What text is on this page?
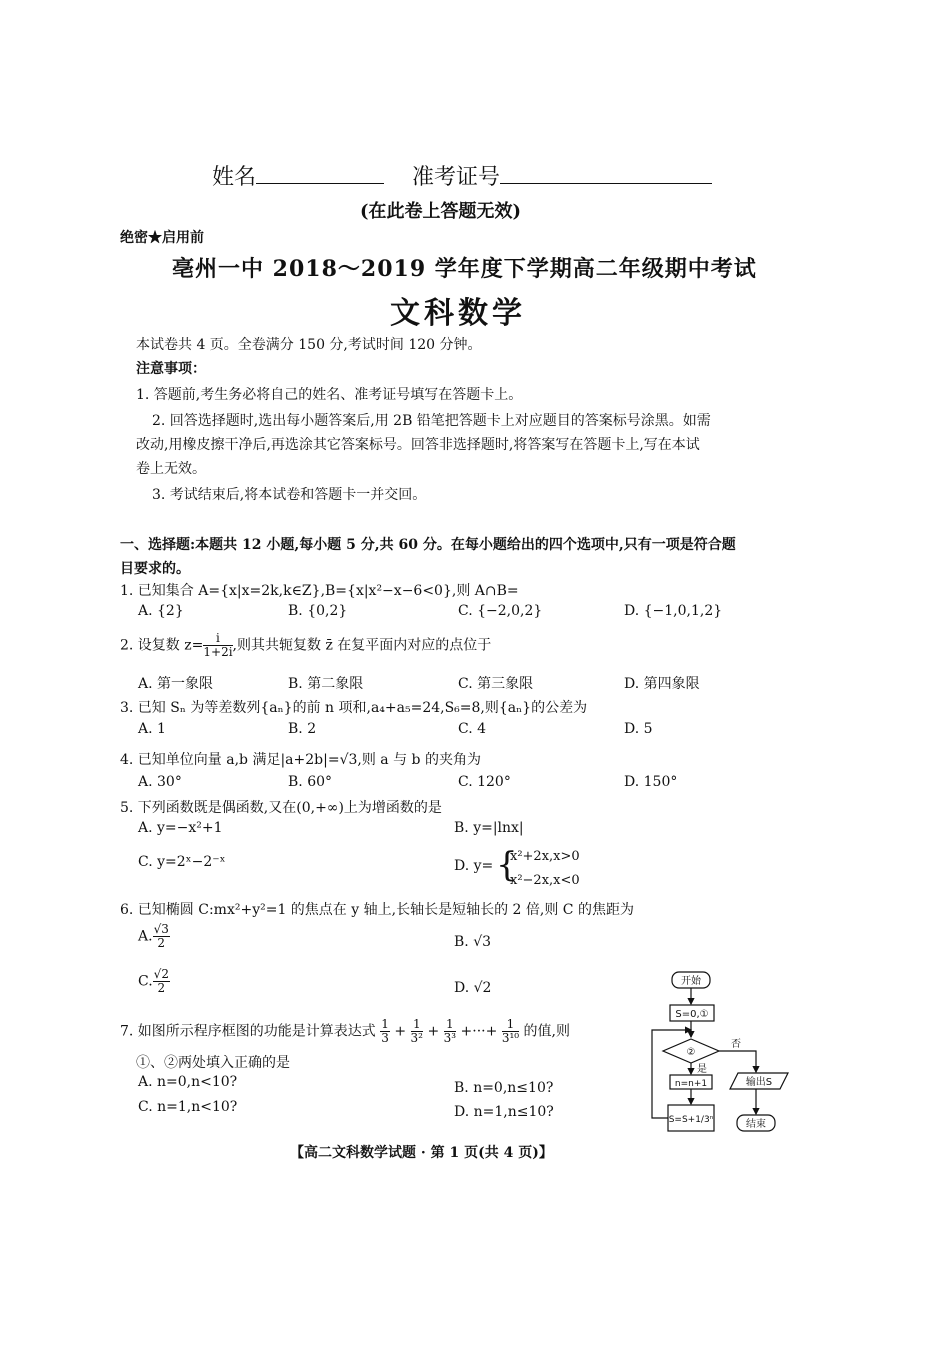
姓名	准考证号
(在此卷上答题无效)
绝密★启用前
亳州一中 2018～2019 学年度下学期高二年级期中考试
文科数学
本试卷共 4 页。全卷满分 150 分,考试时间 120 分钟。
注意事项：
1. 答题前,考生务必将自己的姓名、准考证号填写在答题卡上。
2. 回答选择题时,选出每小题答案后,用 2B 铅笔把答题卡上对应题目的答案标号涂黑。如需
改动,用橡皮擦干净后,再选涂其它答案标号。回答非选择题时,将答案写在答题卡上,写在本试
卷上无效。
3. 考试结束后,将本试卷和答题卡一并交回。
一、选择题:本题共 12 小题,每小题 5 分,共 60 分。在每小题给出的四个选项中,只有一项是符合题
目要求的。
1. 已知集合 A={x|x=2k,k∈Z},B={x|x²−x−6<0},则 A∩B=
A. {2}	B. {0,2}	C. {−2,0,2}	D. {−1,0,1,2}
2. 设复数 $z= \frac{i}{1+2i}$ ,则其共轭复数 z̄ 在复平面内对应的点位于
A. 第一象限	B. 第二象限	C. 第三象限	D. 第四象限
3. 已知 Sₙ 为等差数列{aₙ}的前 n 项和,a₄+a₅=24,S₆=8,则{aₙ}的公差为
A. 1	B. 2	C. 4	D. 5
4. 已知单位向量 a,b 满足|a+2b|=√3,则 a 与 b 的夹角为
A. 30°	B. 60°	C. 120°	D. 150°
5. 下列函数既是偶函数,又在(0,+∞)上为增函数的是
A. y=−x²+1	B. y=|lnx|
C. y=2ˣ−2⁻ˣ	D. y= {
x²+2x,x>0
x²−2x,x<0
6. 已知椭圆 C:mx²+y²=1 的焦点在 y 轴上,长轴长是短轴长的 2 倍,则 C 的焦距为
A. $\frac{√3}{2}$	B. √3
C. $\frac{√2}{2}$	D. √2
7. 如图所示程序框图的功能是计算表达式 $\frac{1}{3} + \frac{1}{\text{3²}} + \frac{1}{\text{3³}}$ +···+ $\frac{1}{\text{3¹⁰}}$ 的值,则
①、②两处填入正确的是
A. n=0,n<10?	B. n=0,n≤10?
C. n=1,n<10?	D. n=1,n≤10?
开始
S=0,①
②
是
否
n=n+1
S=S+1/3ⁿ
输出S
结束
【高二文科数学试题 · 第 1 页(共 4 页)】
